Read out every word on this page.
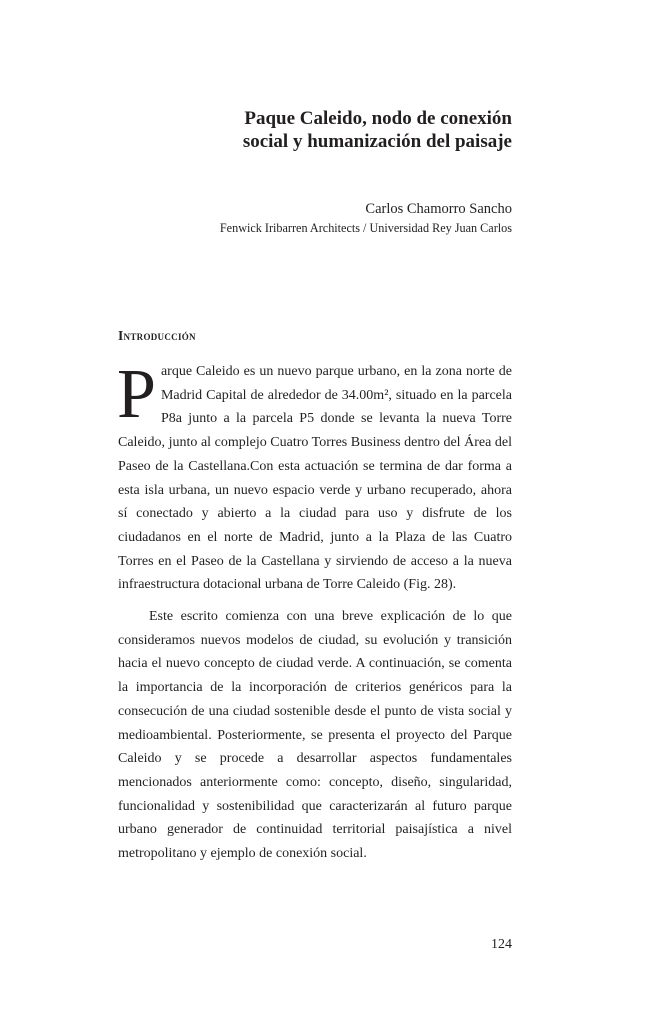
Paque Caleido, nodo de conexión

social y humanización del paisaje

Carlos Chamorro Sancho
Fenwick Iribarren Architects / Universidad Rey Juan Carlos
Introducción

Parque Caleido es un nuevo parque urbano, en la zona norte de Madrid Capital de alrededor de 34.00m², situado en la parcela P8a junto a la parcela P5 donde se levanta la nueva Torre Caleido, junto al complejo Cuatro Torres Business dentro del Área del Paseo de la Castellana.Con esta actuación se termina de dar forma a esta isla urbana, un nuevo espacio verde y urbano recuperado, ahora sí conectado y abierto a la ciudad para uso y disfrute de los ciudadanos en el norte de Madrid, junto a la Plaza de las Cuatro Torres en el Paseo de la Castellana y sirviendo de acceso a la nueva infraestructura dotacional urbana de Torre Caleido (Fig. 28).

Este escrito comienza con una breve explicación de lo que consideramos nuevos modelos de ciudad, su evolución y transición hacia el nuevo concepto de ciudad verde. A continuación, se comenta la importancia de la incorporación de criterios genéricos para la consecución de una ciudad sostenible desde el punto de vista social y medioambiental. Posteriormente, se presenta el proyecto del Parque Caleido y se procede a desarrollar aspectos fundamentales mencionados anteriormente como: concepto, diseño, singularidad, funcionalidad y sostenibilidad que caracterizarán al futuro parque urbano generador de continuidad territorial paisajística a nivel metropolitano y ejemplo de conexión social.

124
